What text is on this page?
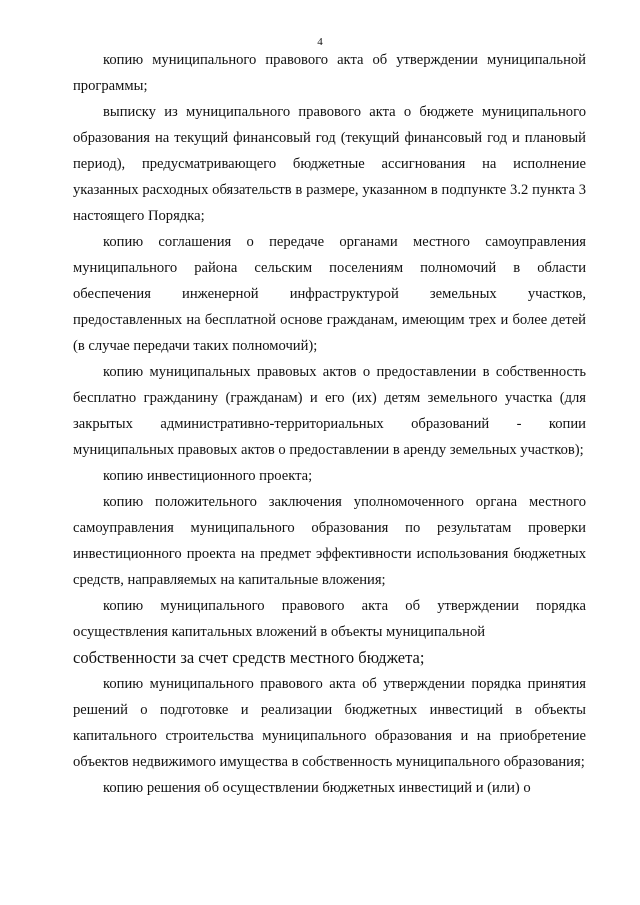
4

копию муниципального правового акта об утверждении муниципальной программы;

выписку из муниципального правового акта о бюджете муниципального образования на текущий финансовый год (текущий финансовый год и плановый период), предусматривающего бюджетные ассигнования на исполнение указанных расходных обязательств в размере, указанном в подпункте 3.2 пункта 3 настоящего Порядка;

копию соглашения о передаче органами местного самоуправления муниципального района сельским поселениям полномочий в области обеспечения инженерной инфраструктурой земельных участков, предоставленных на бесплатной основе гражданам, имеющим трех и более детей (в случае передачи таких полномочий);

копию муниципальных правовых актов о предоставлении в собственность бесплатно гражданину (гражданам) и его (их) детям земельного участка (для закрытых административно-территориальных образований - копии муниципальных правовых актов о предоставлении в аренду земельных участков);

копию инвестиционного проекта;

копию положительного заключения уполномоченного органа местного самоуправления муниципального образования по результатам проверки инвестиционного проекта на предмет эффективности использования бюджетных средств, направляемых на капитальные вложения;

копию муниципального правового акта об утверждении порядка осуществления капитальных вложений в объекты муниципальной

собственности за счет средств местного бюджета;

копию муниципального правового акта об утверждении порядка принятия решений о подготовке и реализации бюджетных инвестиций в объекты капитального строительства муниципального образования и на приобретение объектов недвижимого имущества в собственность муниципального образования;

копию решения об осуществлении бюджетных инвестиций и (или) о
